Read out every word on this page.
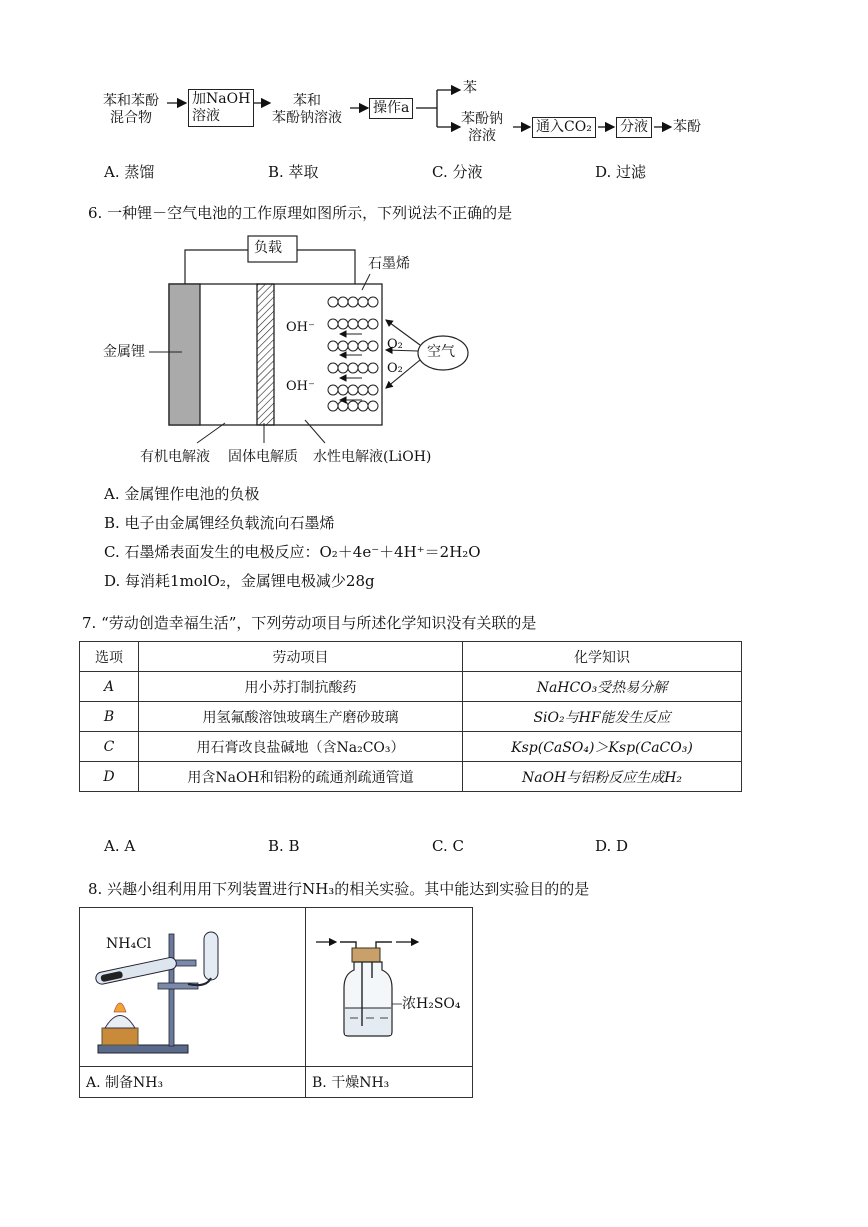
苯和苯酚
混合物
加NaOH
溶液
苯和
苯酚钠溶液
操作a
苯
苯酚钠
溶液
通入CO₂ 分液 苯酚
A. 蒸馏	B. 萃取	C. 分液	D. 过滤
6. 一种锂－空气电池的工作原理如图所示，下列说法不正确的是
负载
石墨烯
金属锂
OH⁻
OH⁻
O₂
O₂
空气
有机电解液 固体电解质 水性电解液(LiOH)
A. 金属锂作电池的负极
B. 电子由金属锂经负载流向石墨烯
C. 石墨烯表面发生的电极反应：O₂＋4e⁻＋4H⁺＝2H₂O
D. 每消耗1molO₂，金属锂电极减少28g
7. “劳动创造幸福生活”，下列劳动项目与所述化学知识没有关联的是
选项	劳动项目	化学知识
A	用小苏打制抗酸药	NaHCO₃受热易分解
B	用氢氟酸溶蚀玻璃生产磨砂玻璃	SiO₂与HF能发生反应
C	用石膏改良盐碱地（含Na₂CO₃）	Ksp(CaSO₄)＞Ksp(CaCO₃)
D	用含NaOH和铝粉的疏通剂疏通管道	NaOH与铝粉反应生成H₂
A. A	B. B	C. C	D. D
8. 兴趣小组利用用下列装置进行NH₃的相关实验。其中能达到实验目的的是
NH₄Cl	浓H₂SO₄

A. 制备NH₃	B. 干燥NH₃
